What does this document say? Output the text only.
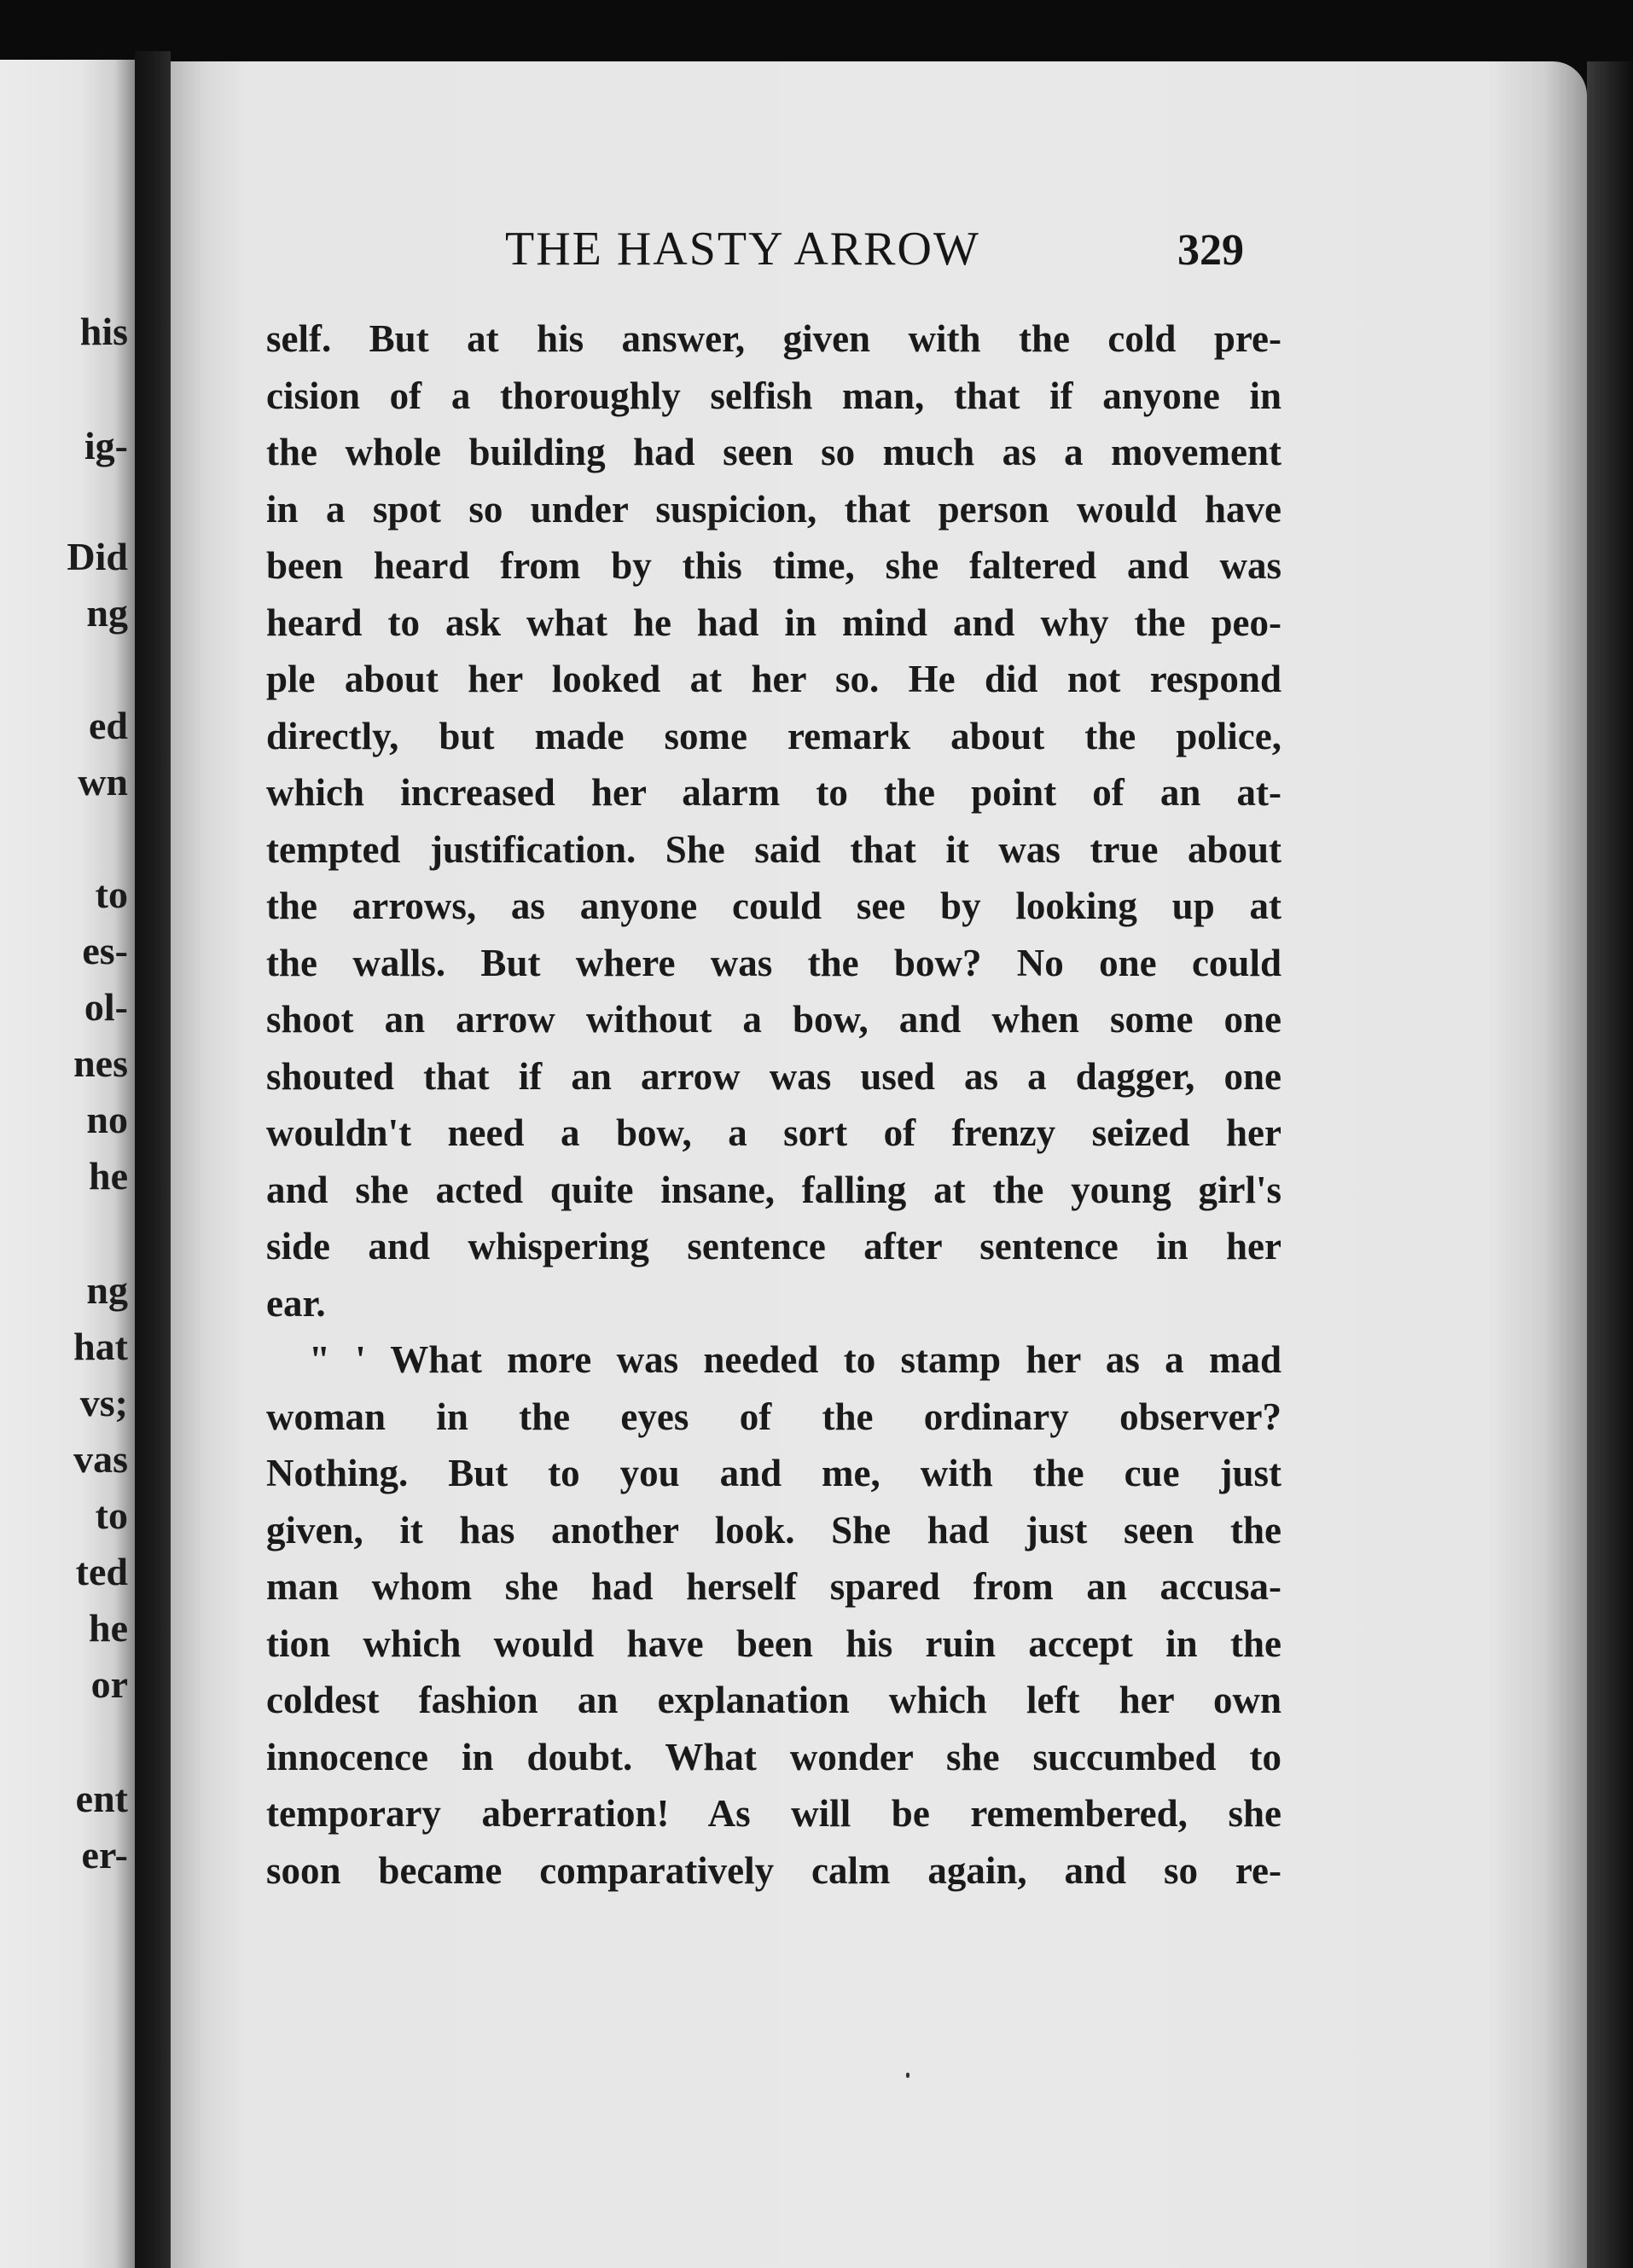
his
ig-
Did
ng
ed
wn
to
es-
ol-
nes
no
he
ng
hat
vs;
vas
to
ted
he
or
ent
er-
THE HASTY ARROW	329
self. But at his answer, given with the cold pre-
cision of a thoroughly selfish man, that if anyone in
the whole building had seen so much as a movement
in a spot so under suspicion, that person would have
been heard from by this time, she faltered and was
heard to ask what he had in mind and why the peo-
ple about her looked at her so. He did not respond
directly, but made some remark about the police,
which increased her alarm to the point of an at-
tempted justification. She said that it was true about
the arrows, as anyone could see by looking up at
the walls. But where was the bow? No one could
shoot an arrow without a bow, and when some one
shouted that if an arrow was used as a dagger, one
wouldn't need a bow, a sort of frenzy seized her
and she acted quite insane, falling at the young girl's
side and whispering sentence after sentence in her
ear.
" ' What more was needed to stamp her as a mad
woman in the eyes of the ordinary observer?
Nothing. But to you and me, with the cue just
given, it has another look. She had just seen the
man whom she had herself spared from an accusa-
tion which would have been his ruin accept in the
coldest fashion an explanation which left her own
innocence in doubt. What wonder she succumbed to
temporary aberration! As will be remembered, she
soon became comparatively calm again, and so re-
